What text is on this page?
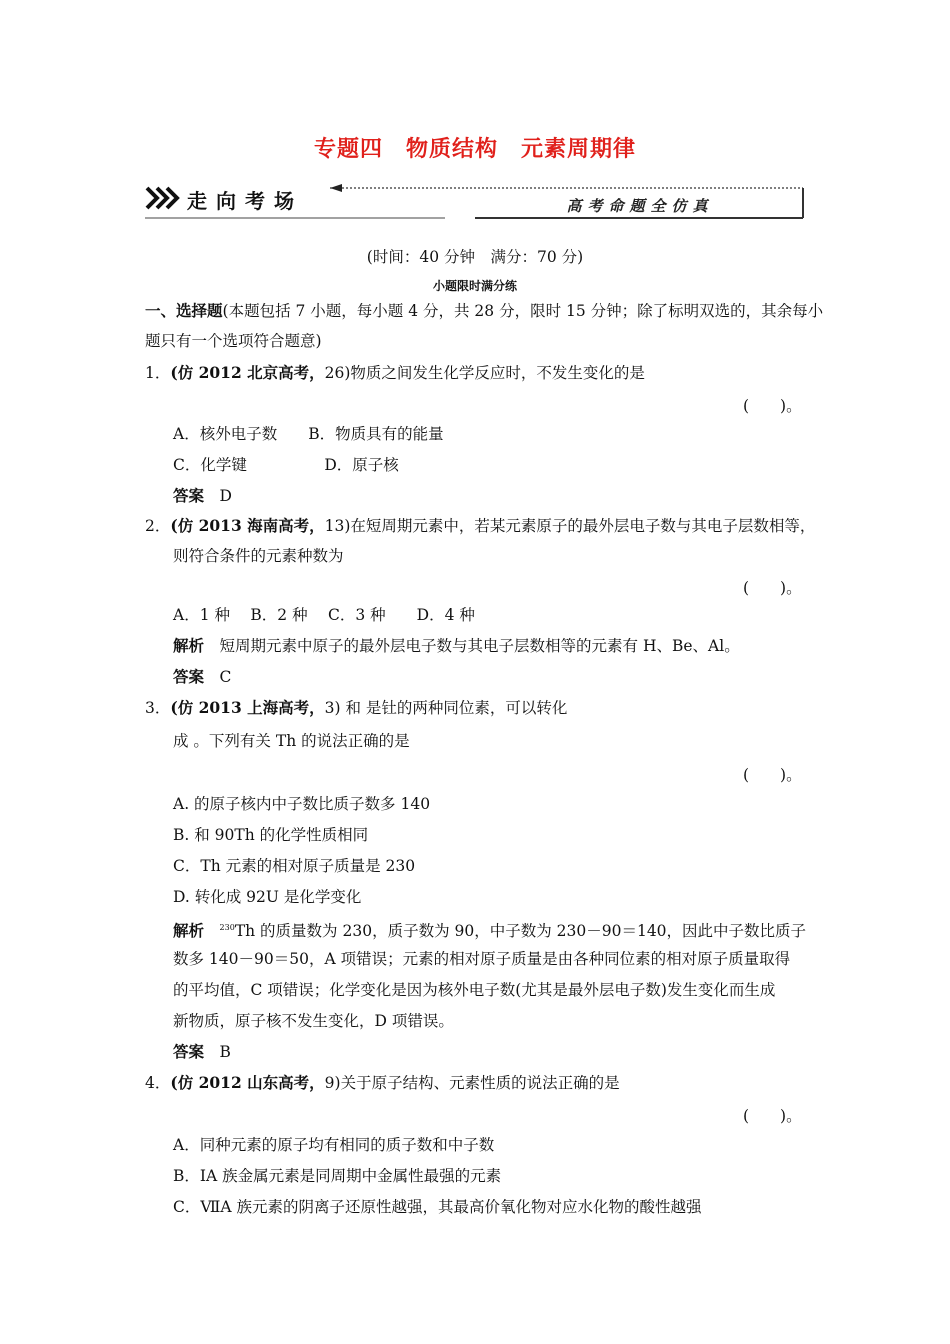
专题四　物质结构　元素周期律
走向考场	高考命题全仿真
(时间：40 分钟　满分：70 分)
小题限时满分练
一、选择题(本题包括 7 小题，每小题 4 分，共 28 分，限时 15 分钟；除了标明双选的，其余每小
题只有一个选项符合题意)
1．(仿 2012 北京高考，26)物质之间发生化学反应时，不发生变化的是
(　　)。
A．核外电子数　　B．物质具有的能量
C．化学键　　　　　D．原子核
答案　 D
2．(仿 2013 海南高考，13)在短周期元素中，若某元素原子的最外层电子数与其电子层数相等，
则符合条件的元素种数为
(　　)。
A．1 种　 B．2 种　 C．3 种　　D．4 种
解析　 短周期元素中原子的最外层电子数与其电子层数相等的元素有 H、Be、Al。
答案　 C
3．(仿 2013 上海高考，3) 和 是钍的两种同位素，可以转化
成 。下列有关 Th 的说法正确的是
(　　)。
A. 的原子核内中子数比质子数多 140
B. 和 90Th 的化学性质相同
C．Th 元素的相对原子质量是 230
D. 转化成 92U 是化学变化
解析　 $^{230}$Th 的质量数为 230，质子数为 90，中子数为 230－90＝140，因此中子数比质子
数多 140－90＝50，A 项错误；元素的相对原子质量是由各种同位素的相对原子质量取得
的平均值，C 项错误；化学变化是因为核外电子数(尤其是最外层电子数)发生变化而生成
新物质，原子核不发生变化，D 项错误。
答案　 B
4．(仿 2012 山东高考，9)关于原子结构、元素性质的说法正确的是
(　　)。
A．同种元素的原子均有相同的质子数和中子数
B．ⅠA 族金属元素是同周期中金属性最强的元素
C．ⅦA 族元素的阴离子还原性越强，其最高价氧化物对应水化物的酸性越强
